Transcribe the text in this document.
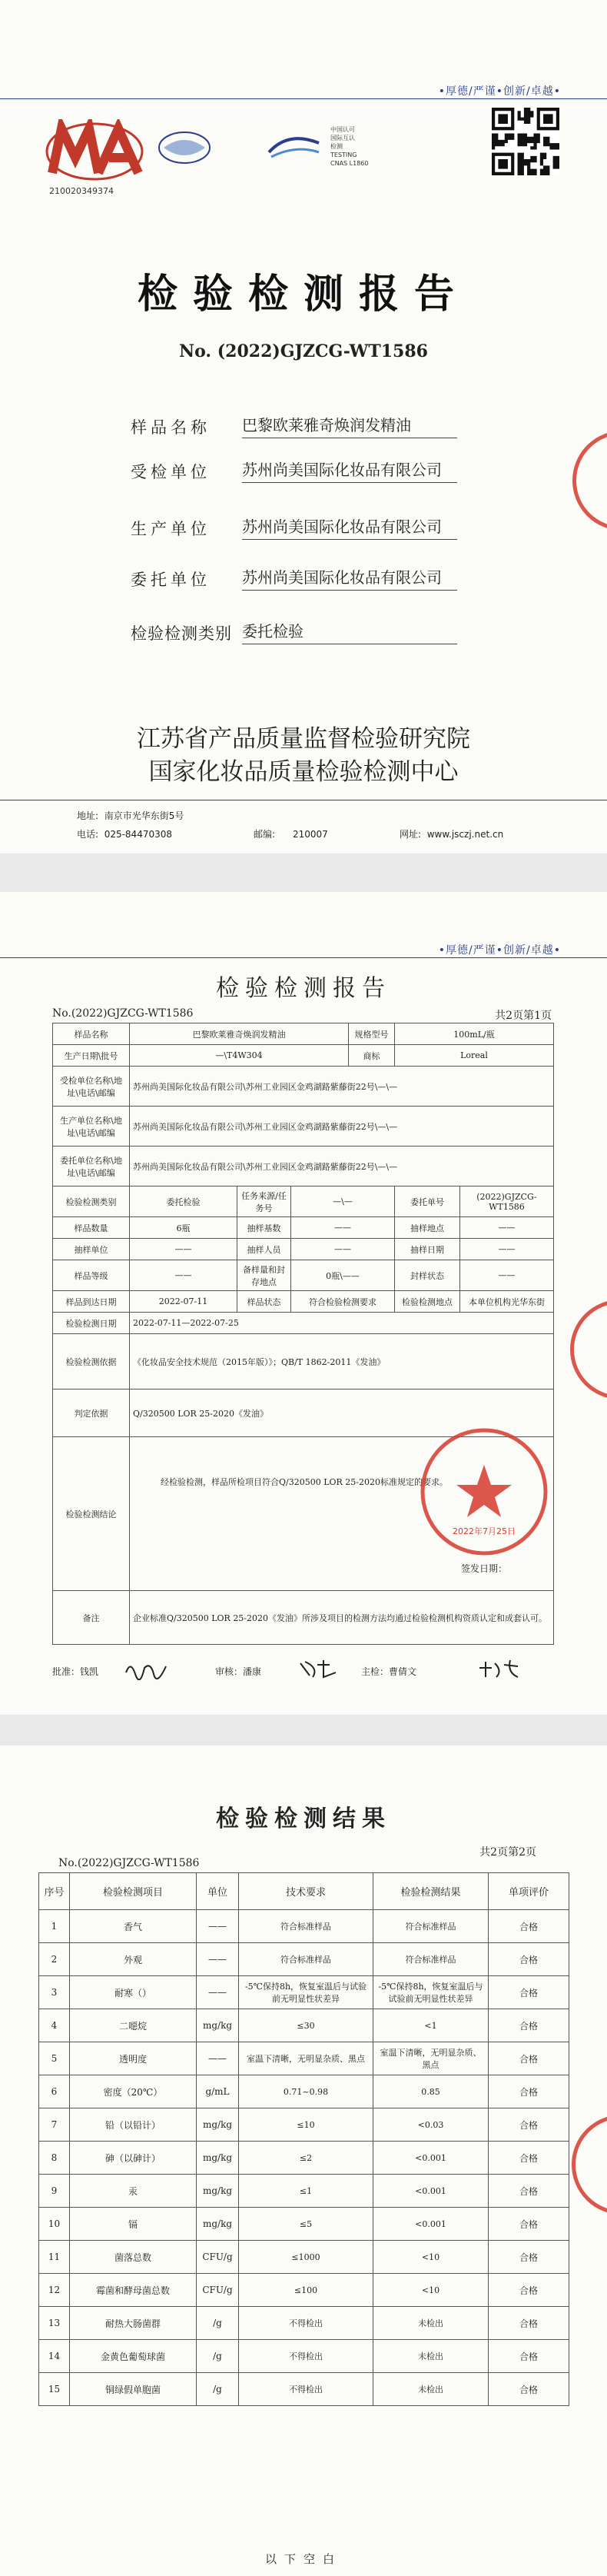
•厚德/严谨•创新/卓越•
210020349374
中国认可
国际互认
检测
TESTING
CNAS L1860
检验检测报告
No. (2022)GJZCG-WT1586
样品名称	巴黎欧莱雅奇焕润发精油
受检单位	苏州尚美国际化妆品有限公司
生产单位	苏州尚美国际化妆品有限公司
委托单位	苏州尚美国际化妆品有限公司
检验检测类别 委托检验
江苏省产品质量监督检验研究院
国家化妆品质量检验检测中心
地址: 南京市光华东街5号
电话: 025-84470308	邮编: 210007	网址: www.jsczj.net.cn
•厚德/严谨•创新/卓越•
检验检测报告
No.(2022)GJZCG-WT1586	共2页第1页
样品名称	巴黎欧莱雅奇焕润发精油			规格型号	100mL/瓶	
生产日期\批号	—\T4W304			商标	Loreal	
受检单位名称\地址\电话\邮编	苏州尚美国际化妆品有限公司\苏州工业园区金鸡湖路紫藤街22号\—\—					
生产单位名称\地址\电话\邮编	苏州尚美国际化妆品有限公司\苏州工业园区金鸡湖路紫藤街22号\—\—					
委托单位名称\地址\电话\邮编	苏州尚美国际化妆品有限公司\苏州工业园区金鸡湖路紫藤街22号\—\—					
检验检测类别	委托检验	任务来源/任务号	—\—		委托单号	(2022)GJZCG-WT1586
样品数量	6瓶	抽样基数	——		抽样地点	——
抽样单位	——	抽样人员	——		抽样日期	——
样品等级	——	备样量和封存地点	0瓶\——		封样状态	——
样品到达日期	2022-07-11	样品状态	符合检验检测要求		检验检测地点	本单位机构光华东街
检验检测日期	2022-07-11—2022-07-25					
检验检测依据	《化妆品安全技术规范（2015年版）》；QB/T 1862-2011《发油》					
判定依据	Q/320500 LOR 25-2020《发油》					
检验检测结论	经检验检测，样品所检项目符合Q/320500 LOR 25-2020标准规定的要求。
签发日期：					

备注	企业标准Q/320500 LOR 25-2020《发油》所涉及项目的检测方法均通过检验检测机构资质认定和成套认可。					
批准：钱凯	审核：潘康	主检：曹倩文
2022年7月25日
检验检测结果
No.(2022)GJZCG-WT1586
共2页第2页
序号	检验检测项目	单位	技术要求	检验检测结果	单项评价
1	香气	——	符合标准样品	符合标准样品	合格
2	外观	——	符合标准样品	符合标准样品	合格
3	耐寒（）	——	-5℃保持8h，恢复室温后与试验前无明显性状差异	-5℃保持8h，恢复室温后与试验前无明显性状差异	合格
4	二噁烷	mg/kg	≤30	<1	合格
5	透明度	——	室温下清晰，无明显杂质、黑点	室温下清晰，无明显杂质、黑点	合格
6	密度（20℃）	g/mL	0.71~0.98	0.85	合格
7	铅（以铅计）	mg/kg	≤10	<0.03	合格
8	砷（以砷计）	mg/kg	≤2	<0.001	合格
9	汞	mg/kg	≤1	<0.001	合格
10	镉	mg/kg	≤5	<0.001	合格
11	菌落总数	CFU/g	≤1000	<10	合格
12	霉菌和酵母菌总数	CFU/g	≤100	<10	合格
13	耐热大肠菌群	/g	不得检出	未检出	合格
14	金黄色葡萄球菌	/g	不得检出	未检出	合格
15	铜绿假单胞菌	/g	不得检出	未检出	合格
以下空白
